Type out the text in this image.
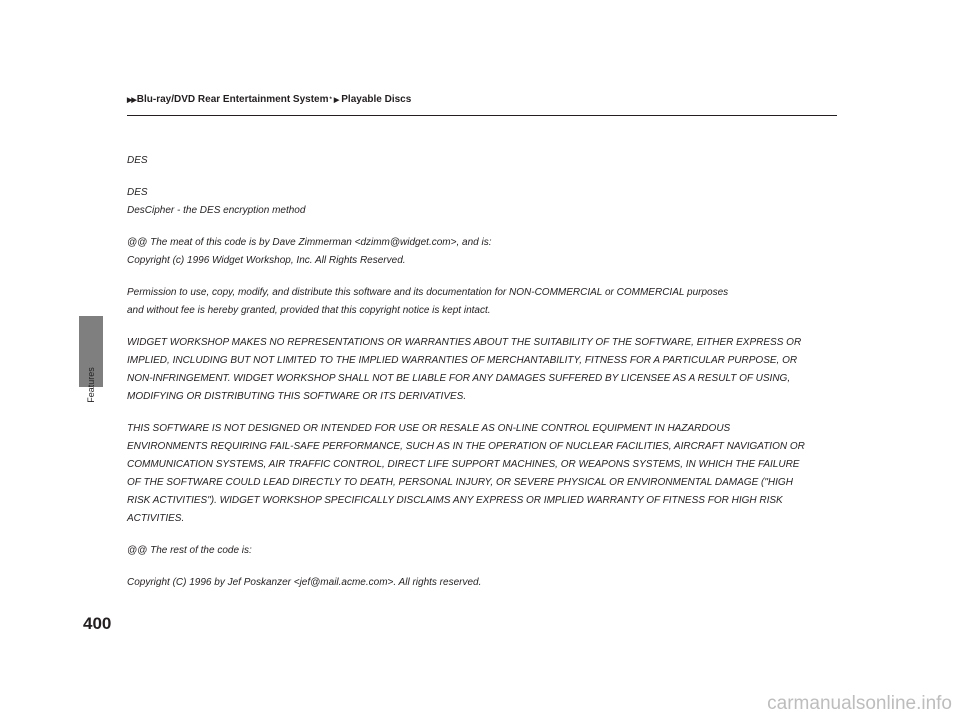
Features
▶▶ Blu-ray/DVD Rear Entertainment System * ▶ Playable Discs

DES

DES
DesCipher - the DES encryption method

@@ The meat of this code is by Dave Zimmerman <dzimm@widget.com>, and is:
Copyright (c) 1996 Widget Workshop, Inc. All Rights Reserved.

Permission to use, copy, modify, and distribute this software and its documentation for NON-COMMERCIAL or COMMERCIAL purposes
and without fee is hereby granted, provided that this copyright notice is kept intact.

WIDGET WORKSHOP MAKES NO REPRESENTATIONS OR WARRANTIES ABOUT THE SUITABILITY OF THE SOFTWARE, EITHER EXPRESS OR
IMPLIED, INCLUDING BUT NOT LIMITED TO THE IMPLIED WARRANTIES OF MERCHANTABILITY, FITNESS FOR A PARTICULAR PURPOSE, OR
NON-INFRINGEMENT. WIDGET WORKSHOP SHALL NOT BE LIABLE FOR ANY DAMAGES SUFFERED BY LICENSEE AS A RESULT OF USING,
MODIFYING OR DISTRIBUTING THIS SOFTWARE OR ITS DERIVATIVES.

THIS SOFTWARE IS NOT DESIGNED OR INTENDED FOR USE OR RESALE AS ON-LINE CONTROL EQUIPMENT IN HAZARDOUS
ENVIRONMENTS REQUIRING FAIL-SAFE PERFORMANCE, SUCH AS IN THE OPERATION OF NUCLEAR FACILITIES, AIRCRAFT NAVIGATION OR
COMMUNICATION SYSTEMS, AIR TRAFFIC CONTROL, DIRECT LIFE SUPPORT MACHINES, OR WEAPONS SYSTEMS, IN WHICH THE FAILURE
OF THE SOFTWARE COULD LEAD DIRECTLY TO DEATH, PERSONAL INJURY, OR SEVERE PHYSICAL OR ENVIRONMENTAL DAMAGE ("HIGH
RISK ACTIVITIES"). WIDGET WORKSHOP SPECIFICALLY DISCLAIMS ANY EXPRESS OR IMPLIED WARRANTY OF FITNESS FOR HIGH RISK
ACTIVITIES.

@@ The rest of the code is:

Copyright (C) 1996 by Jef Poskanzer <jef@mail.acme.com>. All rights reserved.

400
carmanualsonline.info
